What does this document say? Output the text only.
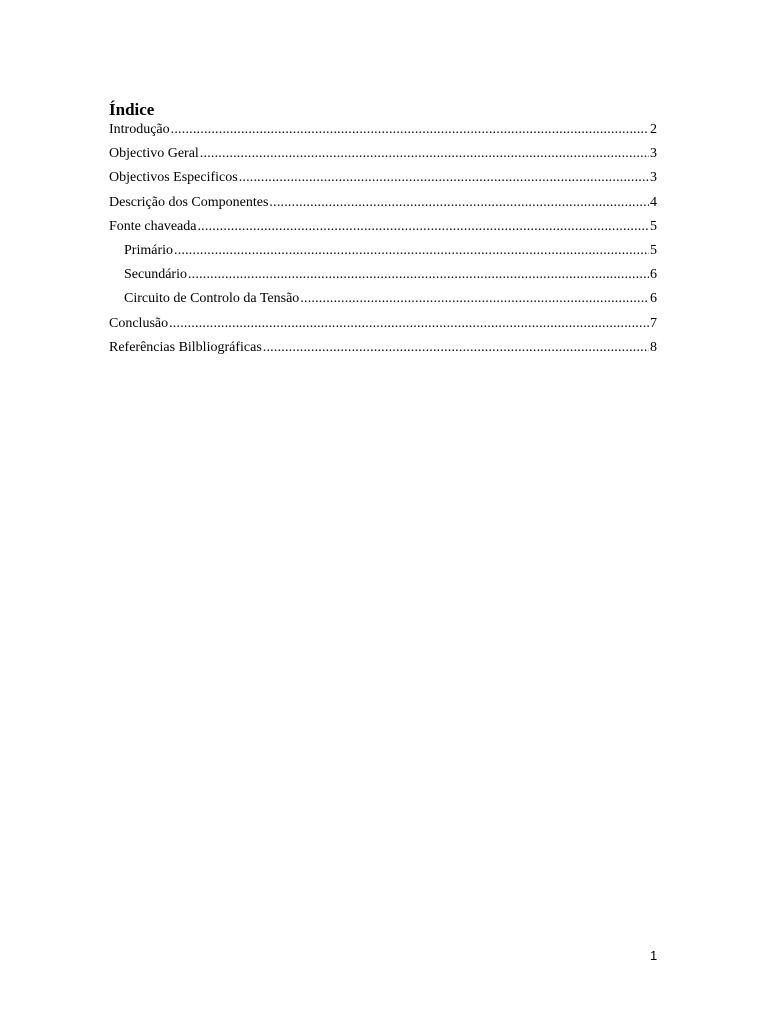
Índice
Introdução .....	2
Objectivo Geral .....	3
Objectivos Especificos .....	3
Descrição dos Componentes .....	4
Fonte chaveada .....	5
Primário .....	5
Secundário .....	6
Circuito de Controlo da Tensão .....	6
Conclusão .....	7
Referências Bilbliográficas .....	8
1
